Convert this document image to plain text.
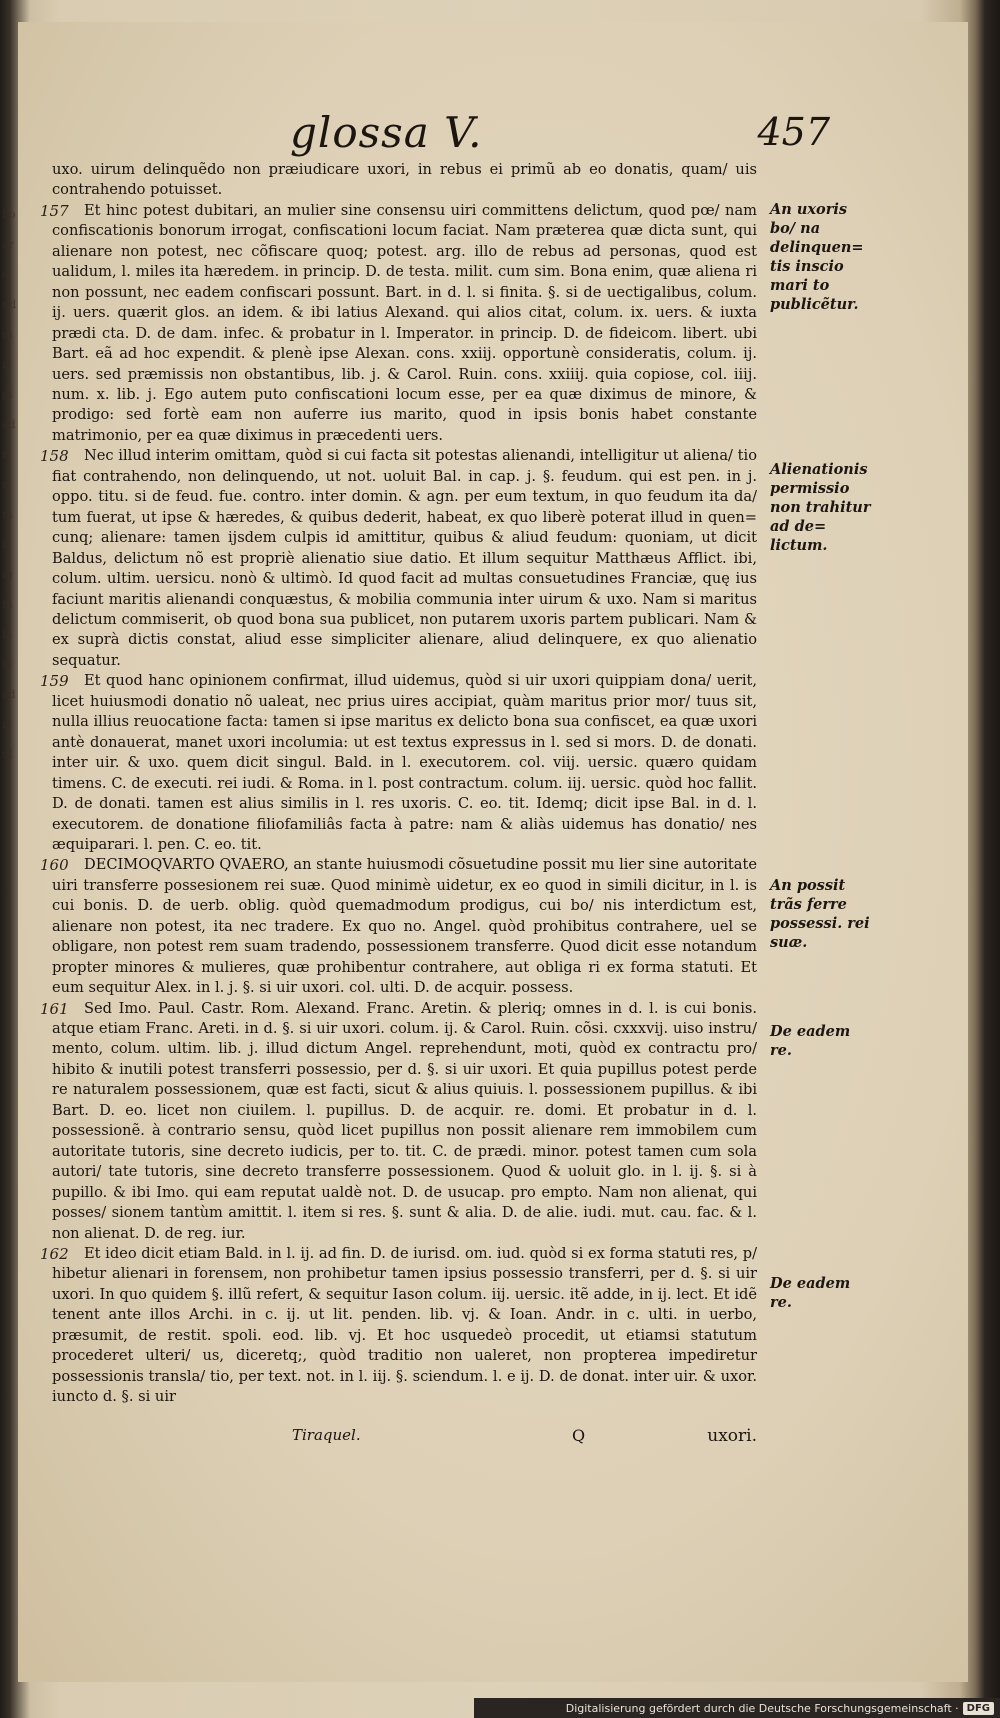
bo ar d nd ui ri gi ad ri s, m E ig hi la ts ad ri ul
glossa V.	457

uxo. uirum delinquẽdo non præiudicare uxori, in rebus ei primũ ab eo donatis, quam/ uis contrahendo potuisset.

157 Et hinc potest dubitari, an mulier sine consensu uiri committens delictum, quod pœ/ nam confiscationis bonorum irrogat, confiscationi locum faciat. Nam præterea quæ dicta sunt, qui alienare non potest, nec cõfiscare quoq; potest. arg. illo de rebus ad personas, quod est ualidum, l. miles ita hæredem. in princip. D. de testa. milit. cum sim. Bona enim, quæ aliena ri non possunt, nec eadem confiscari possunt. Bart. in d. l. si finita. §. si de uectigalibus, colum. ij. uers. quærit glos. an idem. & ibi latius Alexand. qui alios citat, colum. ix. uers. & iuxta prædi cta. D. de dam. infec. & probatur in l. Imperator. in princip. D. de fideicom. libert. ubi Bart. eã ad hoc expendit. & plenè ipse Alexan. cons. xxiij. opportunè consideratis, colum. ij. uers. sed præmissis non obstantibus, lib. j. & Carol. Ruin. cons. xxiiij. quia copiose, col. iiij. num. x. lib. j. Ego autem puto confiscationi locum esse, per ea quæ diximus de minore, & prodigo: sed fortè eam non auferre ius marito, quod in ipsis bonis habet constante matrimonio, per ea quæ diximus in præcedenti uers.

158 Nec illud interim omittam, quòd si cui facta sit potestas alienandi, intelligitur ut aliena/ tio fiat contrahendo, non delinquendo, ut not. uoluit Bal. in cap. j. §. feudum. qui est pen. in j. oppo. titu. si de feud. fue. contro. inter domin. & agn. per eum textum, in quo feudum ita da/ tum fuerat, ut ipse & hæredes, & quibus dederit, habeat, ex quo liberè poterat illud in quen= cunq; alienare: tamen ijsdem culpis id amittitur, quibus & aliud feudum: quoniam, ut dicit Baldus, delictum nõ est propriè alienatio siue datio. Et illum sequitur Matthæus Afflict. ibi, colum. ultim. uersicu. nonò & ultimò. Id quod facit ad multas consuetudines Franciæ, quę ius faciunt maritis alienandi conquæstus, & mobilia communia inter uirum & uxo. Nam si maritus delictum commiserit, ob quod bona sua publicet, non putarem uxoris partem publicari. Nam & ex suprà dictis constat, aliud esse simpliciter alienare, aliud delinquere, ex quo alienatio sequatur.

159 Et quod hanc opinionem confirmat, illud uidemus, quòd si uir uxori quippiam dona/ uerit, licet huiusmodi donatio nõ ualeat, nec prius uires accipiat, quàm maritus prior mor/ tuus sit, nulla illius reuocatione facta: tamen si ipse maritus ex delicto bona sua confiscet, ea quæ uxori antè donauerat, manet uxori incolumia: ut est textus expressus in l. sed si mors. D. de donati. inter uir. & uxo. quem dicit singul. Bald. in l. executorem. col. viij. uersic. quæro quidam timens. C. de executi. rei iudi. & Roma. in l. post contractum. colum. iij. uersic. quòd hoc fallit. D. de donati. tamen est alius similis in l. res uxoris. C. eo. tit. Idemq; dicit ipse Bal. in d. l. executorem. de donatione filiofamiliâs facta à patre: nam & aliàs uidemus has donatio/ nes æquiparari. l. pen. C. eo. tit.

160 DECIMOQVARTO QVAERO, an stante huiusmodi cõsuetudine possit mu lier sine autoritate uiri transferre possesionem rei suæ. Quod minimè uidetur, ex eo quod in simili dicitur, in l. is cui bonis. D. de uerb. oblig. quòd quemadmodum prodigus, cui bo/ nis interdictum est, alienare non potest, ita nec tradere. Ex quo no. Angel. quòd prohibitus contrahere, uel se obligare, non potest rem suam tradendo, possessionem transferre. Quod dicit esse notandum propter minores & mulieres, quæ prohibentur contrahere, aut obliga ri ex forma statuti. Et eum sequitur Alex. in l. j. §. si uir uxori. col. ulti. D. de acquir. possess.

161 Sed Imo. Paul. Castr. Rom. Alexand. Franc. Aretin. & pleriq; omnes in d. l. is cui bonis. atque etiam Franc. Areti. in d. §. si uir uxori. colum. ij. & Carol. Ruin. cõsi. cxxxvij. uiso instru/ mento, colum. ultim. lib. j. illud dictum Angel. reprehendunt, moti, quòd ex contractu pro/ hibito & inutili potest transferri possessio, per d. §. si uir uxori. Et quia pupillus potest perde re naturalem possessionem, quæ est facti, sicut & alius quiuis. l. possessionem pupillus. & ibi Bart. D. eo. licet non ciuilem. l. pupillus. D. de acquir. re. domi. Et probatur in d. l. possessionẽ. à contrario sensu, quòd licet pupillus non possit alienare rem immobilem cum autoritate tutoris, sine decreto iudicis, per to. tit. C. de prædi. minor. potest tamen cum sola autori/ tate tutoris, sine decreto transferre possessionem. Quod & uoluit glo. in l. ij. §. si à pupillo. & ibi Imo. qui eam reputat ualdè not. D. de usucap. pro empto. Nam non alienat, qui posses/ sionem tantùm amittit. l. item si res. §. sunt & alia. D. de alie. iudi. mut. cau. fac. & l. non alienat. D. de reg. iur.

162 Et ideo dicit etiam Bald. in l. ij. ad fin. D. de iurisd. om. iud. quòd si ex forma statuti res, p/ hibetur alienari in forensem, non prohibetur tamen ipsius possessio transferri, per d. §. si uir uxori. In quo quidem §. illũ refert, & sequitur Iason colum. iij. uersic. itẽ adde, in ij. lect. Et idẽ tenent ante illos Archi. in c. ij. ut lit. penden. lib. vj. & Ioan. Andr. in c. ulti. in uerbo, præsumit, de restit. spoli. eod. lib. vj. Et hoc usquedeò procedit, ut etiamsi statutum procederet ulteri/ us, diceretq;, quòd traditio non ualeret, non propterea impediretur possessionis transla/ tio, per text. not. in l. iij. §. sciendum. l. e ij. D. de donat. inter uir. & uxor. iuncto d. §. si uir

An uxoris bo/ na delinquen= tis inscio mari to publicẽtur.
Alienationis permissio non trahitur ad de= lictum.
An possit trãs ferre possessi. rei suæ.
De eadem re.
De eadem re.
Tiraquel.	Q	uxori.
Digitalisierung gefördert durch die Deutsche Forschungsgemeinschaft · DFG
